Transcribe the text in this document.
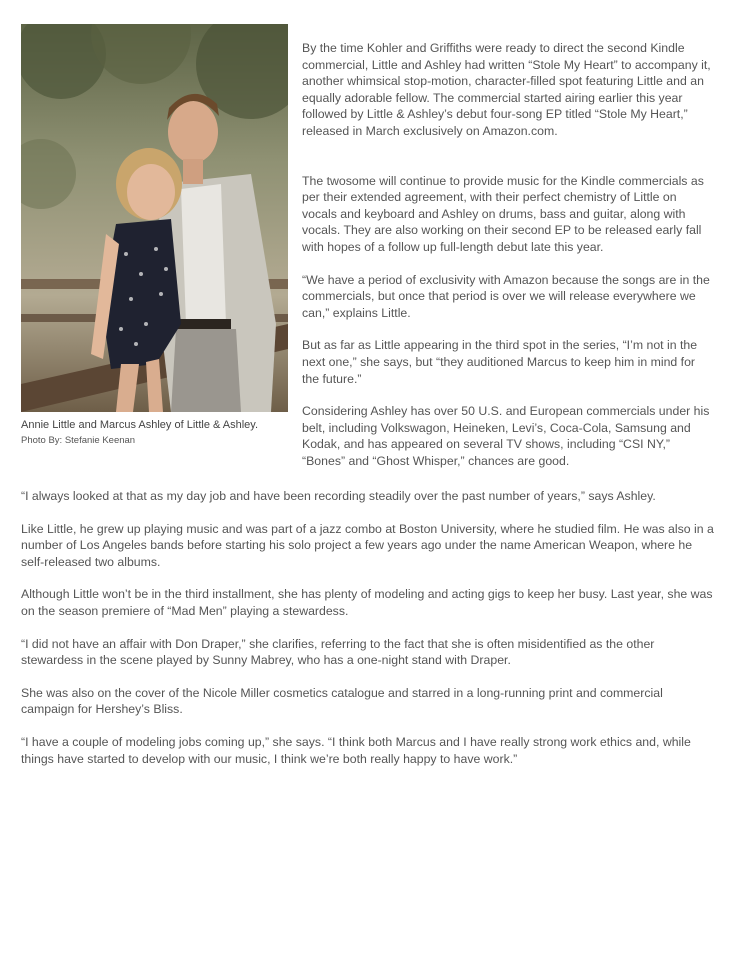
Annie Little and Marcus Ashley of Little & Ashley.
Photo By: Stefanie Keenan

By the time Kohler and Griffiths were ready to direct the second Kindle commercial, Little and Ashley had written “Stole My Heart” to accompany it, another whimsical stop-motion, character-filled spot featuring Little and an equally adorable fellow. The commercial started airing earlier this year followed by Little & Ashley’s debut four-song EP titled “Stole My Heart,” released in March exclusively on Amazon.com.

The twosome will continue to provide music for the Kindle commercials as per their extended agreement, with their perfect chemistry of Little on vocals and keyboard and Ashley on drums, bass and guitar, along with vocals. They are also working on their second EP to be released early fall with hopes of a follow up full-length debut late this year.

“We have a period of exclusivity with Amazon because the songs are in the commercials, but once that period is over we will release everywhere we can,” explains Little.

But as far as Little appearing in the third spot in the series, “I’m not in the next one,” she says, but “they auditioned Marcus to keep him in mind for the future.”

Considering Ashley has over 50 U.S. and European commercials under his belt, including Volkswagon, Heineken, Levi’s, Coca-Cola, Samsung and Kodak, and has appeared on several TV shows, including “CSI NY,” “Bones” and “Ghost Whisper,” chances are good.

“I always looked at that as my day job and have been recording steadily over the past number of years,” says Ashley.

Like Little, he grew up playing music and was part of a jazz combo at Boston University, where he studied film. He was also in a number of Los Angeles bands before starting his solo project a few years ago under the name American Weapon, where he self-released two albums.

Although Little won’t be in the third installment, she has plenty of modeling and acting gigs to keep her busy. Last year, she was on the season premiere of “Mad Men” playing a stewardess.

“I did not have an affair with Don Draper,” she clarifies, referring to the fact that she is often misidentified as the other stewardess in the scene played by Sunny Mabrey, who has a one-night stand with Draper.

She was also on the cover of the Nicole Miller cosmetics catalogue and starred in a long-running print and commercial campaign for Hershey’s Bliss.

“I have a couple of modeling jobs coming up,” she says. “I think both Marcus and I have really strong work ethics and, while things have started to develop with our music, I think we’re both really happy to have work.”
